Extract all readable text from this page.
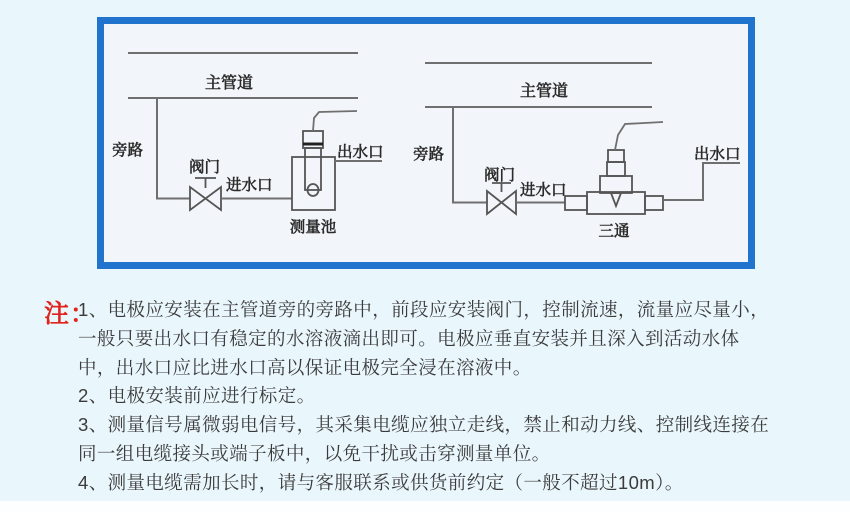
主管道
旁路
阀门
进水口
测量池
出水口
主管道
旁路
阀门
进水口
三通
出水口
注：
1、电极应安装在主管道旁的旁路中，前段应安装阀门，控制流速，流量应尽量小，
一般只要出水口有稳定的水溶液滴出即可。电极应垂直安装并且深入到活动水体
中，出水口应比进水口高以保证电极完全浸在溶液中。
2、电极安装前应进行标定。
3、测量信号属微弱电信号，其采集电缆应独立走线，禁止和动力线、控制线连接在
同一组电缆接头或端子板中，以免干扰或击穿测量单位。
4、测量电缆需加长时，请与客服联系或供货前约定（一般不超过10m）。
